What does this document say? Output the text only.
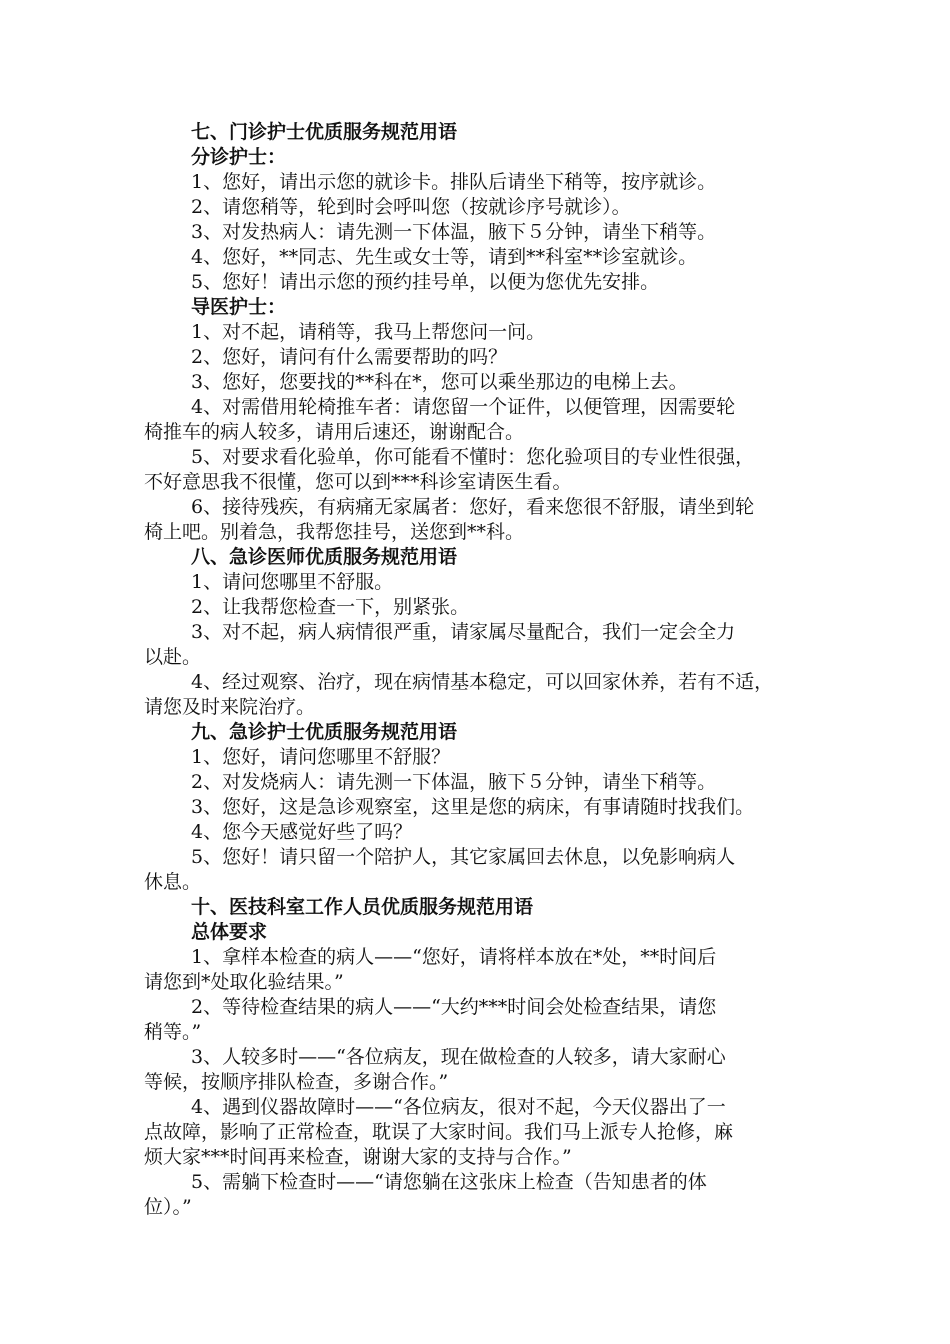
七、门诊护士优质服务规范用语
分诊护士：
1、您好，请出示您的就诊卡。排队后请坐下稍等，按序就诊。
2、请您稍等，轮到时会呼叫您（按就诊序号就诊）。
3、对发热病人：请先测一下体温，腋下５分钟，请坐下稍等。
4、您好，**同志、先生或女士等，请到**科室**诊室就诊。
5、您好！请出示您的预约挂号单，以便为您优先安排。
导医护士：
1、对不起，请稍等，我马上帮您问一问。
2、您好，请问有什么需要帮助的吗？
3、您好，您要找的**科在*，您可以乘坐那边的电梯上去。
4、对需借用轮椅推车者：请您留一个证件，以便管理，因需要轮
椅推车的病人较多，请用后速还，谢谢配合。
5、对要求看化验单，你可能看不懂时：您化验项目的专业性很强，
不好意思我不很懂，您可以到***科诊室请医生看。
6、接待残疾，有病痛无家属者：您好，看来您很不舒服，请坐到轮
椅上吧。别着急，我帮您挂号，送您到**科。
八、急诊医师优质服务规范用语
1、请问您哪里不舒服。
2、让我帮您检查一下，别紧张。
3、对不起，病人病情很严重，请家属尽量配合，我们一定会全力
以赴。
4、经过观察、治疗，现在病情基本稳定，可以回家休养，若有不适，
请您及时来院治疗。
九、急诊护士优质服务规范用语
1、您好，请问您哪里不舒服？
2、对发烧病人：请先测一下体温，腋下５分钟，请坐下稍等。
3、您好，这是急诊观察室，这里是您的病床，有事请随时找我们。
4、您今天感觉好些了吗？
5、您好！请只留一个陪护人，其它家属回去休息，以免影响病人
休息。
十、医技科室工作人员优质服务规范用语
总体要求
1、拿样本检查的病人——“您好，请将样本放在*处，**时间后
请您到*处取化验结果。”
2、等待检查结果的病人——“大约***时间会处检查结果，请您
稍等。”
3、人较多时——“各位病友，现在做检查的人较多，请大家耐心
等候，按顺序排队检查，多谢合作。”
4、遇到仪器故障时——“各位病友，很对不起，今天仪器出了一
点故障，影响了正常检查，耽误了大家时间。我们马上派专人抢修，麻
烦大家***时间再来检查，谢谢大家的支持与合作。”
5、需躺下检查时——“请您躺在这张床上检查（告知患者的体
位）。”
